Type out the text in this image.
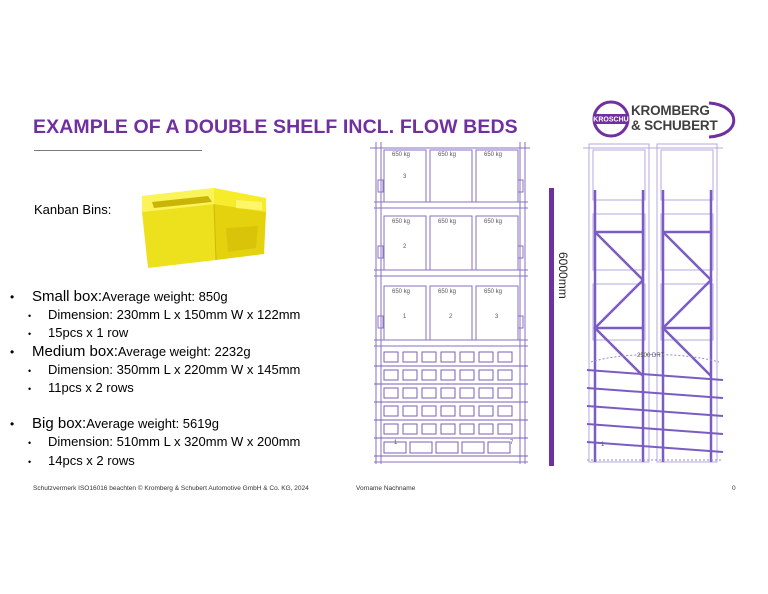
EXAMPLE OF A DOUBLE SHELF INCL. FLOW BEDS	KROSCHU
KROMBERG
& SCHUBERT
Kanban Bins:
• Small box:Average weight: 850g
• Dimension: 230mm L x 150mm W x 122mm
• 15pcs x 1 row
• Medium box:Average weight: 2232g
• Dimension: 350mm L x 220mm W x 145mm
• 11pcs x 2 rows
• Big box:Average weight: 5619g
• Dimension: 510mm L x 320mm W x 200mm
• 14pcs x 2 rows
650 kg	650 kg	650 kg
650 kg	650 kg	650 kg
650 kg	650 kg	650 kg
3
2
1	2	3
1	7
6000mm
2500 DRT
1
Schutzvermerk ISO16016 beachten © Kromberg & Schubert Automotive GmbH & Co. KG, 2024	Vorname Nachname	0
